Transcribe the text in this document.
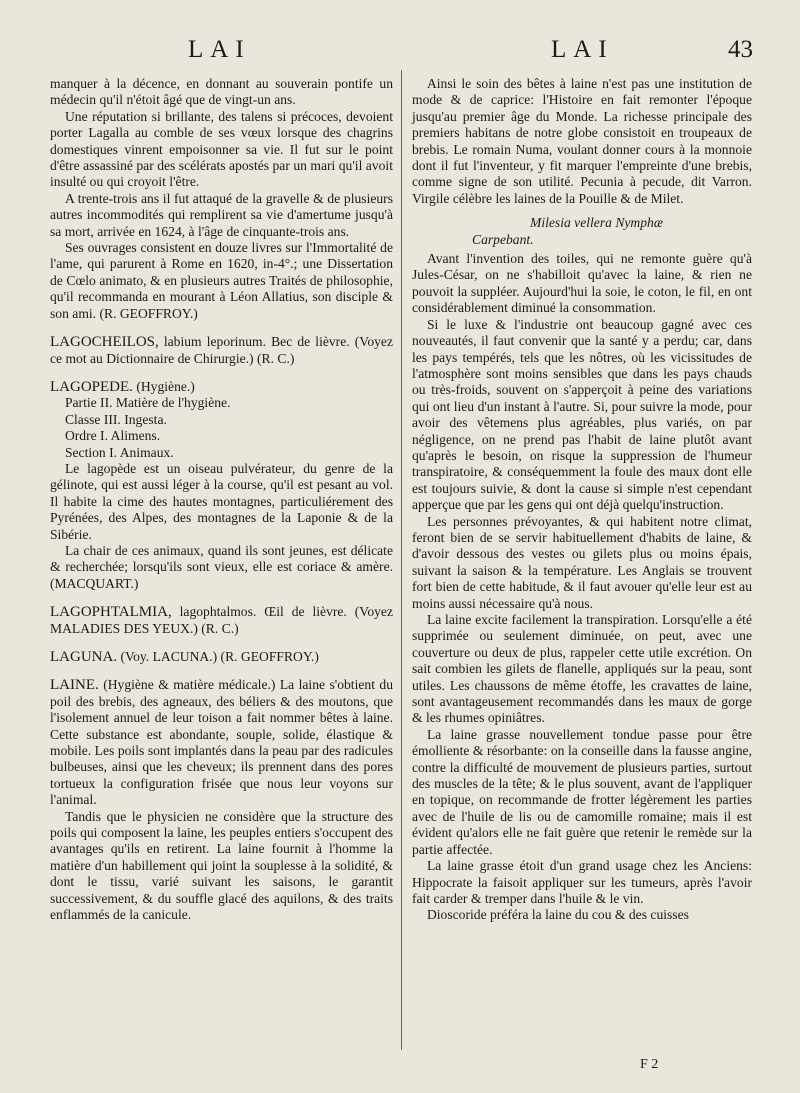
LAI	LAI	43

manquer à la décence, en donnant au souverain pontife un médecin qu'il n'étoit âgé que de vingt-un ans.

Une réputation si brillante, des talens si précoces, devoient porter Lagalla au comble de ses vœux lorsque des chagrins domestiques vinrent empoisonner sa vie. Il fut sur le point d'être assassiné par des scélérats apostés par un mari qu'il avoit insulté ou qui croyoit l'être.

A trente-trois ans il fut attaqué de la gravelle & de plusieurs autres incommodités qui remplirent sa vie d'amertume jusqu'à sa mort, arrivée en 1624, à l'âge de cinquante-trois ans.

Ses ouvrages consistent en douze livres sur l'Immortalité de l'ame, qui parurent à Rome en 1620, in-4°.; une Dissertation de Cœlo animato, & en plusieurs autres Traités de philosophie, qu'il recommanda en mourant à Léon Allatius, son disciple & son ami. (R. GEOFFROY.)

LAGOCHEILOS, labium leporinum. Bec de lièvre. (Voyez ce mot au Dictionnaire de Chirurgie.) (R. C.)

LAGOPEDE. (Hygiène.)

Partie II. Matière de l'hygiène.

Classe III. Ingesta.

Ordre I. Alimens.

Section I. Animaux.

Le lagopède est un oiseau pulvérateur, du genre de la gélinote, qui est aussi léger à la course, qu'il est pesant au vol. Il habite la cime des hautes montagnes, particuliérement des Pyrénées, des Alpes, des montagnes de la Laponie & de la Sibérie.

La chair de ces animaux, quand ils sont jeunes, est délicate & recherchée; lorsqu'ils sont vieux, elle est coriace & amère. (MACQUART.)

LAGOPHTALMIA, lagophtalmos. Œil de lièvre. (Voyez MALADIES DES YEUX.) (R. C.)

LAGUNA. (Voy. LACUNA.) (R. GEOFFROY.)

LAINE. (Hygiène & matière médicale.) La laine s'obtient du poil des brebis, des agneaux, des béliers & des moutons, que l'isolement annuel de leur toison a fait nommer bêtes à laine. Cette substance est abondante, souple, solide, élastique & mobile. Les poils sont implantés dans la peau par des radicules bulbeuses, ainsi que les cheveux; ils prennent dans des pores tortueux la configuration frisée que nous leur voyons sur l'animal.

Tandis que le physicien ne considère que la structure des poils qui composent la laine, les peuples entiers s'occupent des avantages qu'ils en retirent. La laine fournit à l'homme la matière d'un habillement qui joint la souplesse à la solidité, & dont le tissu, varié suivant les saisons, le garantit successivement, & du souffle glacé des aquilons, & des traits enflammés de la canicule.

Ainsi le soin des bêtes à laine n'est pas une institution de mode & de caprice: l'Histoire en fait remonter l'époque jusqu'au premier âge du Monde. La richesse principale des premiers habitans de notre globe consistoit en troupeaux de brebis. Le romain Numa, voulant donner cours à la monnoie dont il fut l'inventeur, y fit marquer l'empreinte d'une brebis, comme signe de son utilité. Pecunia à pecude, dit Varron. Virgile célèbre les laines de la Pouille & de Milet.

Milesia vellera Nymphæ
Carpebant.

Avant l'invention des toiles, qui ne remonte guère qu'à Jules-César, on ne s'habilloit qu'avec la laine, & rien ne pouvoit la suppléer. Aujourd'hui la soie, le coton, le fil, en ont considérablement diminué la consommation.

Si le luxe & l'industrie ont beaucoup gagné avec ces nouveautés, il faut convenir que la santé y a perdu; car, dans les pays tempérés, tels que les nôtres, où les vicissitudes de l'atmosphère sont moins sensibles que dans les pays chauds ou très-froids, souvent on s'apperçoit à peine des variations qui ont lieu d'un instant à l'autre. Si, pour suivre la mode, pour avoir des vêtemens plus agréables, plus variés, on par négligence, on ne prend pas l'habit de laine plutôt avant qu'après le besoin, on risque la suppression de l'humeur transpiratoire, & conséquemment la foule des maux dont elle est toujours suivie, & dont la cause si simple n'est cependant apperçue que par les gens qui ont déjà quelqu'instruction.

Les personnes prévoyantes, & qui habitent notre climat, feront bien de se servir habituellement d'habits de laine, & d'avoir dessous des vestes ou gilets plus ou moins épais, suivant la saison & la température. Les Anglais se trouvent fort bien de cette habitude, & il faut avouer qu'elle leur est au moins aussi nécessaire qu'à nous.

La laine excite facilement la transpiration. Lorsqu'elle a été supprimée ou seulement diminuée, on peut, avec une couverture ou deux de plus, rappeler cette utile excrétion. On sait combien les gilets de flanelle, appliqués sur la peau, sont utiles. Les chaussons de même étoffe, les cravattes de laine, sont avantageusement recommandés dans les maux de gorge & les rhumes opiniâtres.

La laine grasse nouvellement tondue passe pour être émolliente & résorbante: on la conseille dans la fausse angine, contre la difficulté de mouvement de plusieurs parties, surtout des muscles de la tête; & le plus souvent, avant de l'appliquer en topique, on recommande de frotter légèrement les parties avec de l'huile de lis ou de camomille romaine; mais il est évident qu'alors elle ne fait guère que retenir le remède sur la partie affectée.

La laine grasse étoit d'un grand usage chez les Anciens: Hippocrate la faisoit appliquer sur les tumeurs, après l'avoir fait carder & tremper dans l'huile & le vin.

Dioscoride préféra la laine du cou & des cuisses

F 2
